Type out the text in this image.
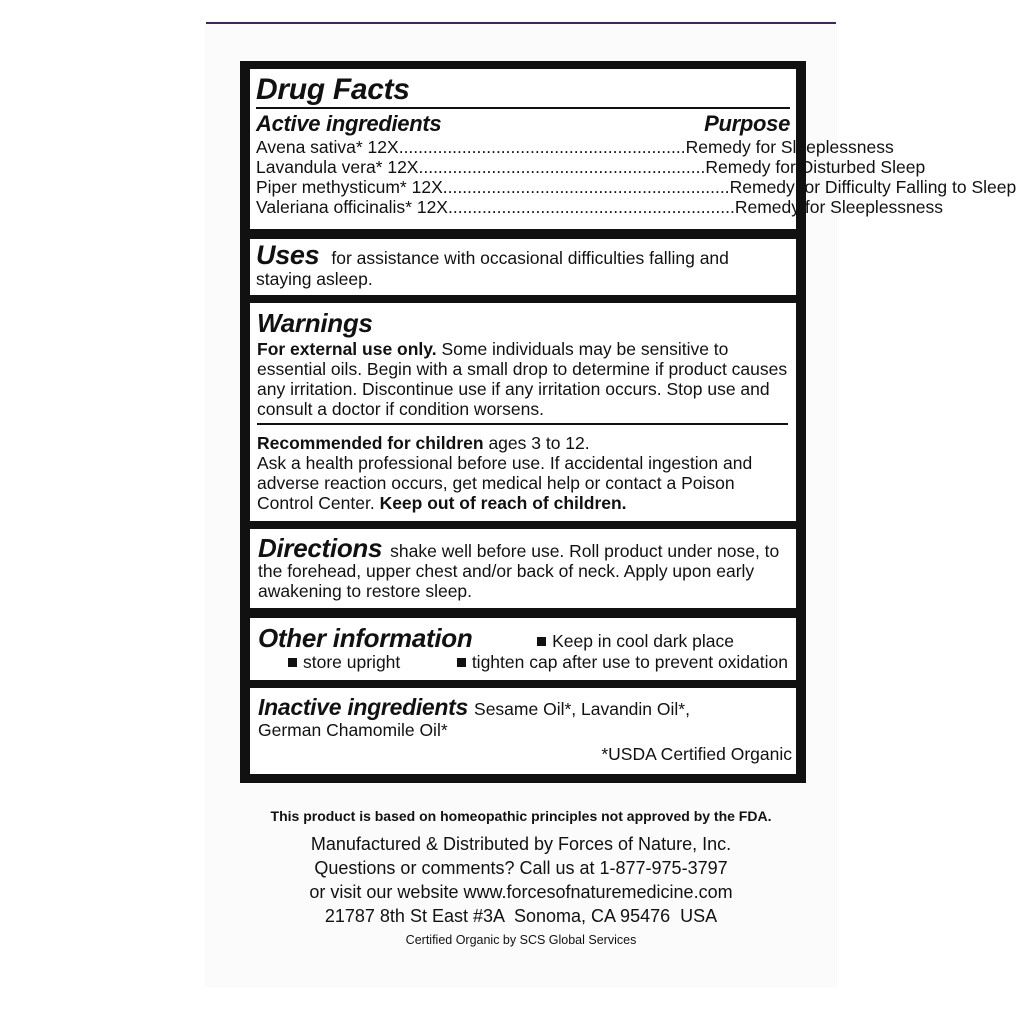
Drug Facts
Active ingredients	Purpose
Avena sativa* 12X ........................................................... Remedy for Sleeplessness
Lavandula vera* 12X ........................................................... Remedy for Disturbed Sleep
Piper methysticum* 12X ........................................................... Remedy for Difficulty Falling to Sleep
Valeriana officinalis* 12X ........................................................... Remedy for Sleeplessness
Uses for assistance with occasional difficulties falling and staying asleep.
Warnings
For external use only. Some individuals may be sensitive to essential oils. Begin with a small drop to determine if product causes any irritation. Discontinue use if any irritation occurs. Stop use and consult a doctor if condition worsens.
Recommended for children ages 3 to 12.
Ask a health professional before use. If accidental ingestion and adverse reaction occurs, get medical help or contact a Poison Control Center. Keep out of reach of children.
Directions shake well before use. Roll product under nose, to the forehead, upper chest and/or back of neck. Apply upon early awakening to restore sleep.
Other information	Keep in cool dark place
store upright	tighten cap after use to prevent oxidation
Inactive ingredients Sesame Oil*, Lavandin Oil*, German Chamomile Oil*
*USDA Certified Organic
This product is based on homeopathic principles not approved by the FDA.
Manufactured & Distributed by Forces of Nature, Inc.
Questions or comments? Call us at 1-877-975-3797
or visit our website www.forcesofnaturemedicine.com
21787 8th St East #3A  Sonoma, CA 95476  USA
Certified Organic by SCS Global Services
